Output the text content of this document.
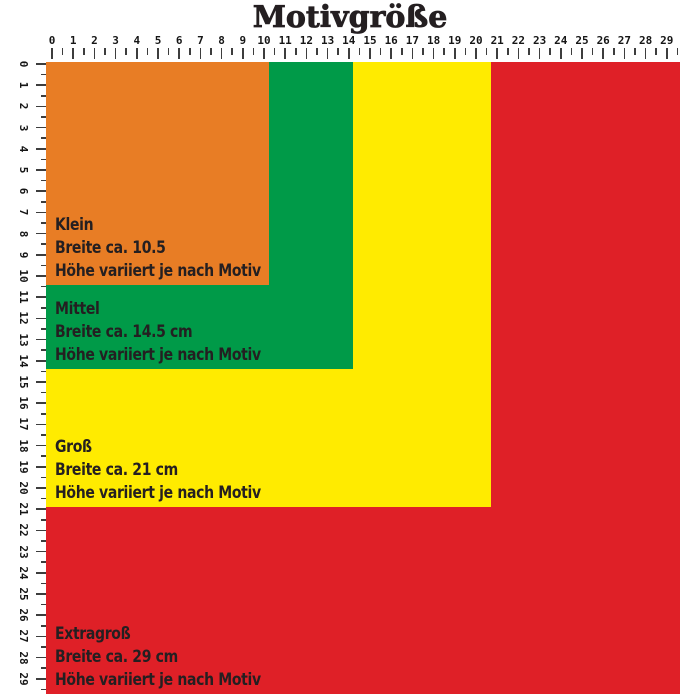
Motivgröße
Extragroß
Breite ca. 29 cm
Höhe variiert je nach Motiv
Groß
Breite ca. 21 cm
Höhe variiert je nach Motiv
Mittel
Breite ca. 14.5 cm
Höhe variiert je nach Motiv
Klein
Breite ca. 10.5
Höhe variiert je nach Motiv
0	1	2	3	4	5	6	7	8	9	10 11 12 13 14 15 16 17 18 19 20 21 22 23 24 25 26 27 28 29
0
1
2
3
4
5
6
7
8
9
10
11
12
13
14
15
16
17
18
19
20
21
22
23
24
25
26
27
28
29
